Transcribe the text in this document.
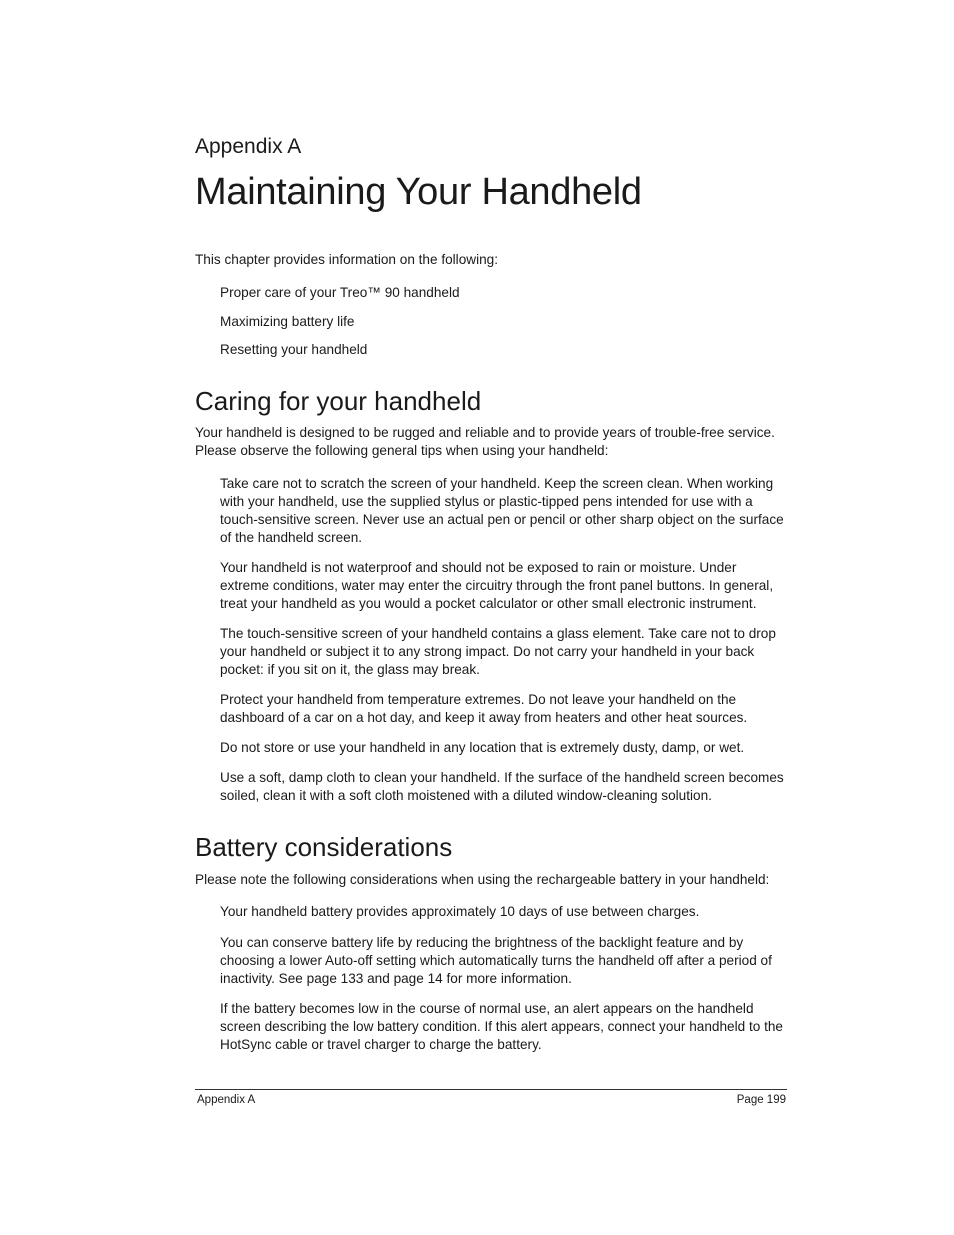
Appendix A
Maintaining Your Handheld

This chapter provides information on the following:

Proper care of your Treo™ 90 handheld
Maximizing battery life
Resetting your handheld
Caring for your handheld

Your handheld is designed to be rugged and reliable and to provide years of trouble-free service. Please observe the following general tips when using your handheld:

Take care not to scratch the screen of your handheld. Keep the screen clean. When working with your handheld, use the supplied stylus or plastic-tipped pens intended for use with a touch-sensitive screen. Never use an actual pen or pencil or other sharp object on the surface of the handheld screen.
Your handheld is not waterproof and should not be exposed to rain or moisture. Under extreme conditions, water may enter the circuitry through the front panel buttons. In general, treat your handheld as you would a pocket calculator or other small electronic instrument.
The touch-sensitive screen of your handheld contains a glass element. Take care not to drop your handheld or subject it to any strong impact. Do not carry your handheld in your back pocket: if you sit on it, the glass may break.
Protect your handheld from temperature extremes. Do not leave your handheld on the dashboard of a car on a hot day, and keep it away from heaters and other heat sources.
Do not store or use your handheld in any location that is extremely dusty, damp, or wet.
Use a soft, damp cloth to clean your handheld. If the surface of the handheld screen becomes soiled, clean it with a soft cloth moistened with a diluted window-cleaning solution.
Battery considerations

Please note the following considerations when using the rechargeable battery in your handheld:

Your handheld battery provides approximately 10 days of use between charges.
You can conserve battery life by reducing the brightness of the backlight feature and by choosing a lower Auto-off setting which automatically turns the handheld off after a period of inactivity. See page 133 and page 14 for more information.
If the battery becomes low in the course of normal use, an alert appears on the handheld screen describing the low battery condition. If this alert appears, connect your handheld to the HotSync cable or travel charger to charge the battery.
Appendix A	Page 199
